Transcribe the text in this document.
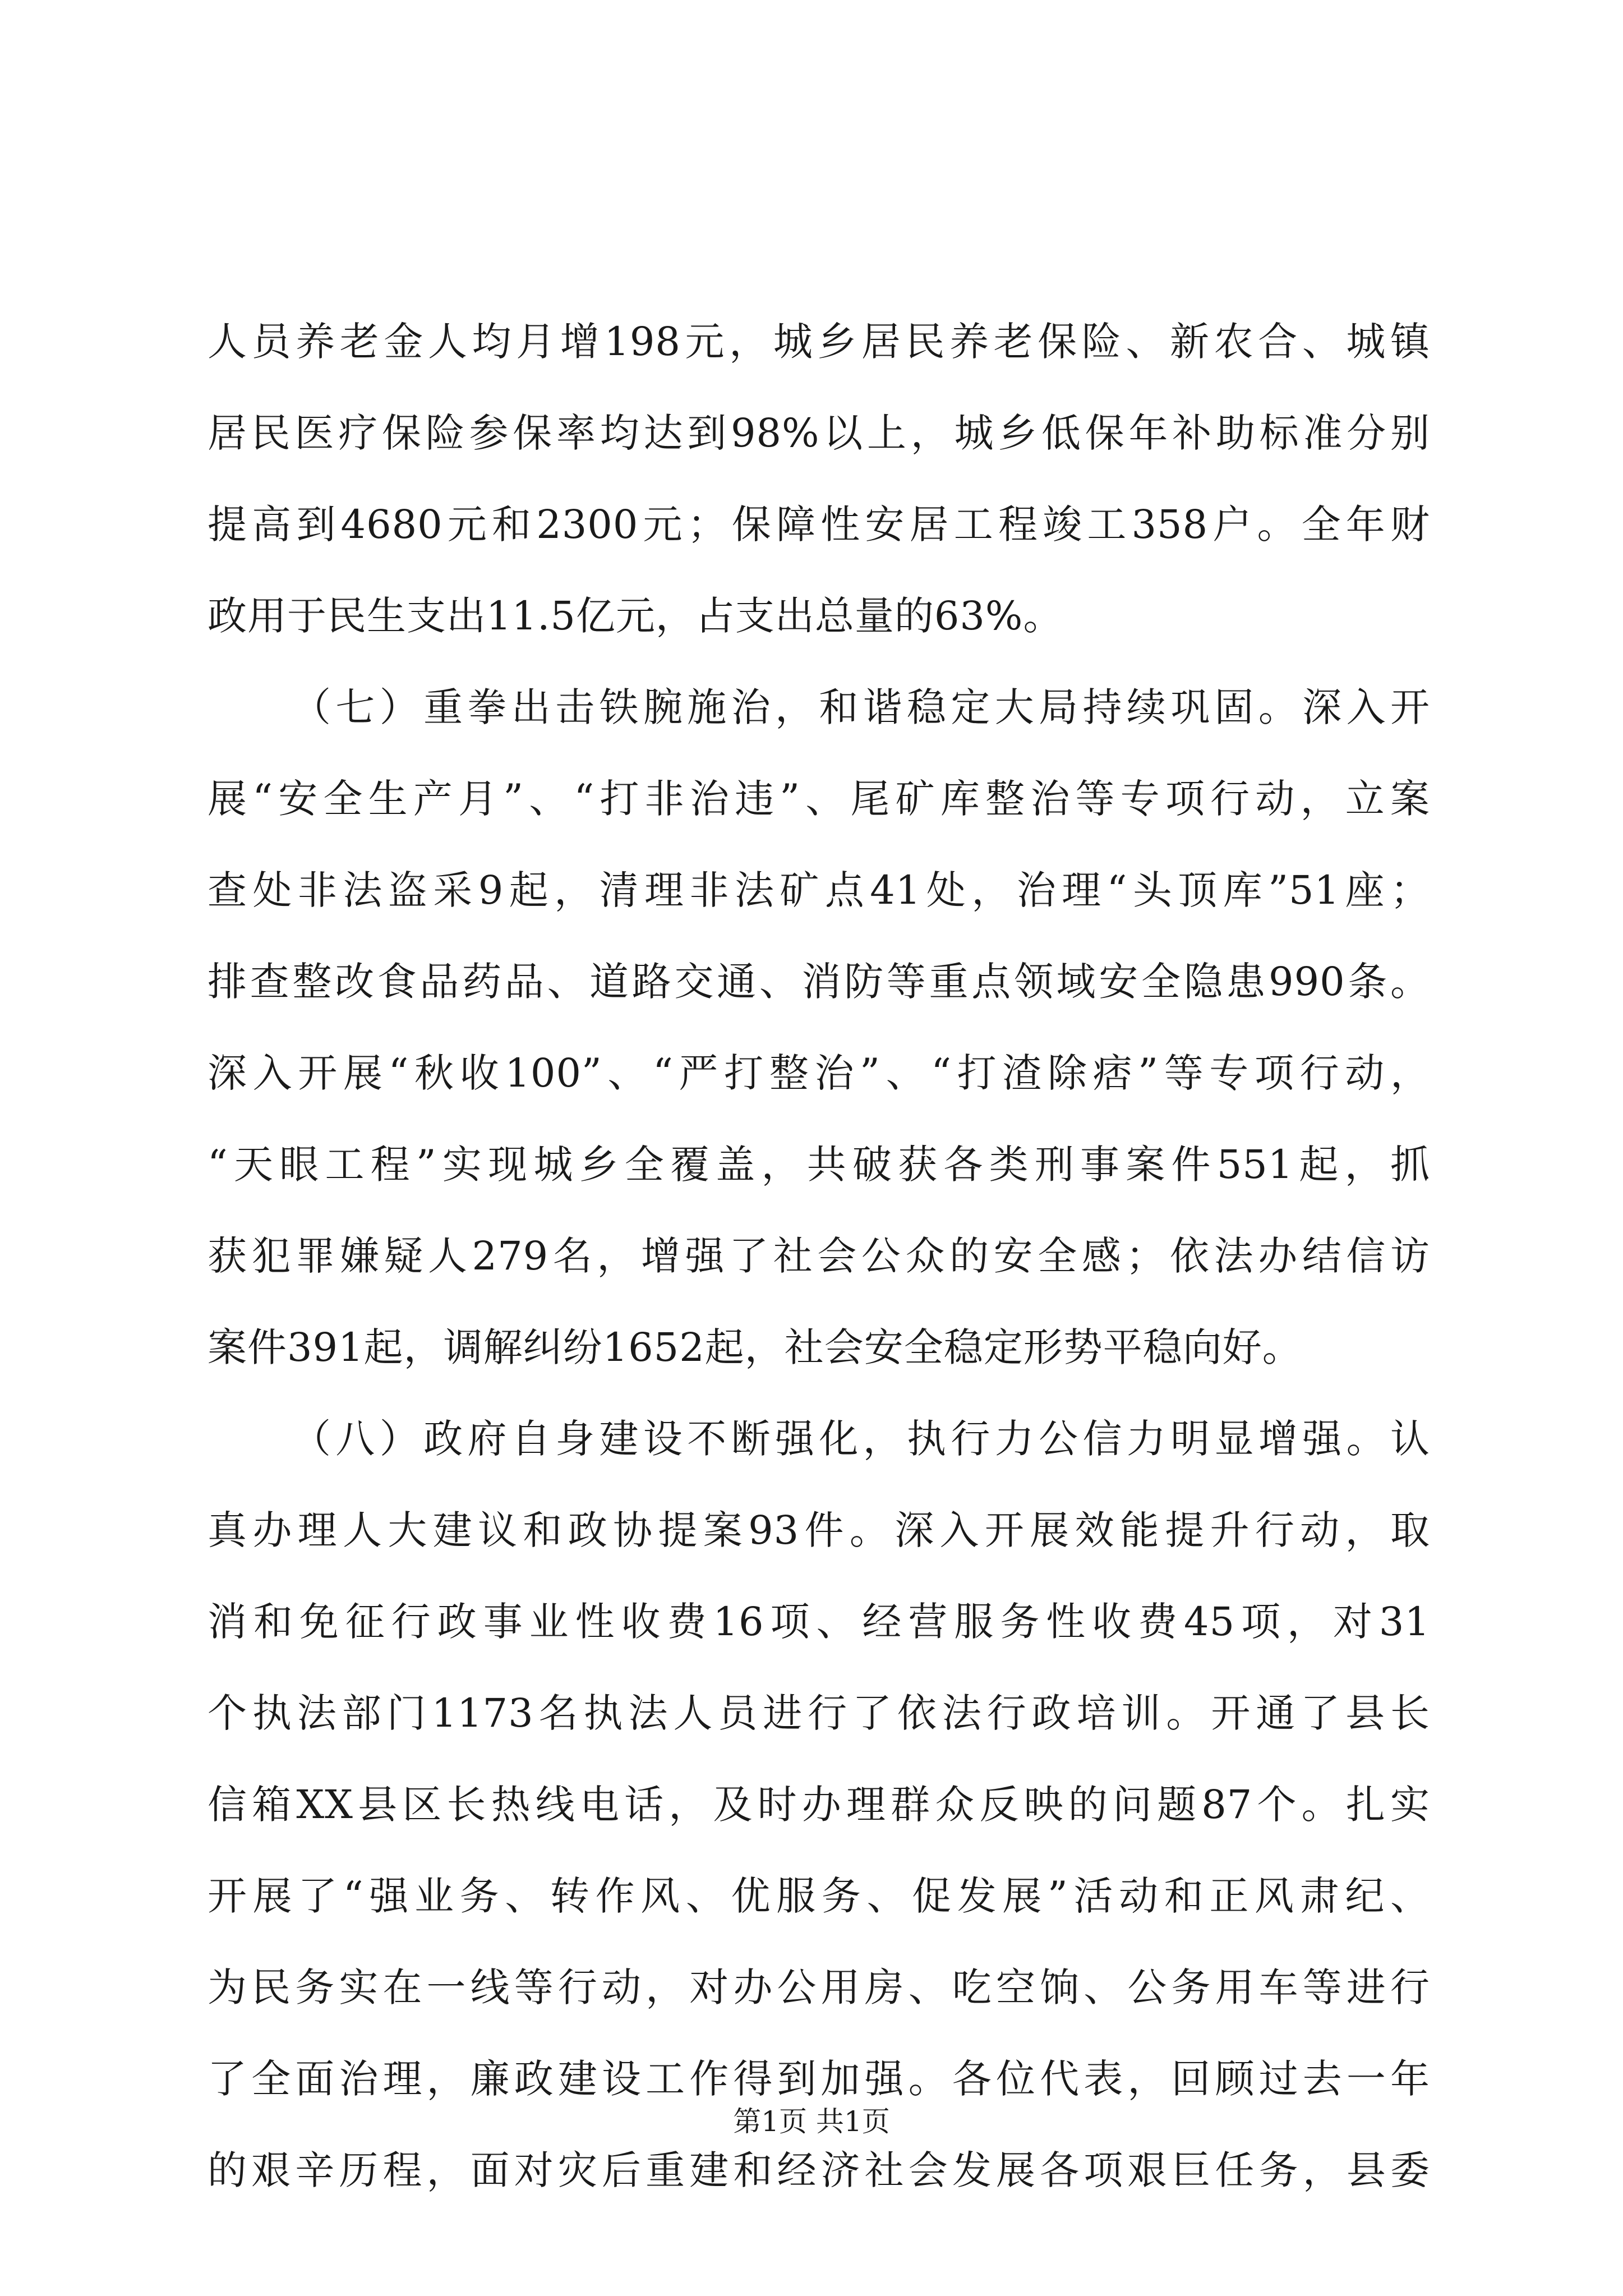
人员养老金人均月增198元，城乡居民养老保险、新农合、城镇
居民医疗保险参保率均达到98%以上，城乡低保年补助标准分别
提高到4680元和2300元；保障性安居工程竣工358户。全年财
政用于民生支出11.5亿元，占支出总量的63%。
（七）重拳出击铁腕施治，和谐稳定大局持续巩固。深入开
展“安全生产月”、“打非治违”、尾矿库整治等专项行动，立案
查处非法盗采9起，清理非法矿点41处，治理“头顶库”51座；
排查整改食品药品、道路交通、消防等重点领域安全隐患990条。
深入开展“秋收100”、“严打整治”、“打渣除痞”等专项行动，
“天眼工程”实现城乡全覆盖，共破获各类刑事案件551起，抓
获犯罪嫌疑人279名，增强了社会公众的安全感；依法办结信访
案件391起，调解纠纷1652起，社会安全稳定形势平稳向好。
（八）政府自身建设不断强化，执行力公信力明显增强。认
真办理人大建议和政协提案93件。深入开展效能提升行动，取
消和免征行政事业性收费16项、经营服务性收费45项，对31
个执法部门1173名执法人员进行了依法行政培训。开通了县长
信箱XX县区长热线电话，及时办理群众反映的问题87个。扎实
开展了“强业务、转作风、优服务、促发展”活动和正风肃纪、
为民务实在一线等行动，对办公用房、吃空饷、公务用车等进行
了全面治理，廉政建设工作得到加强。各位代表，回顾过去一年
的艰辛历程，面对灾后重建和经济社会发展各项艰巨任务，县委
第1页 共1页
